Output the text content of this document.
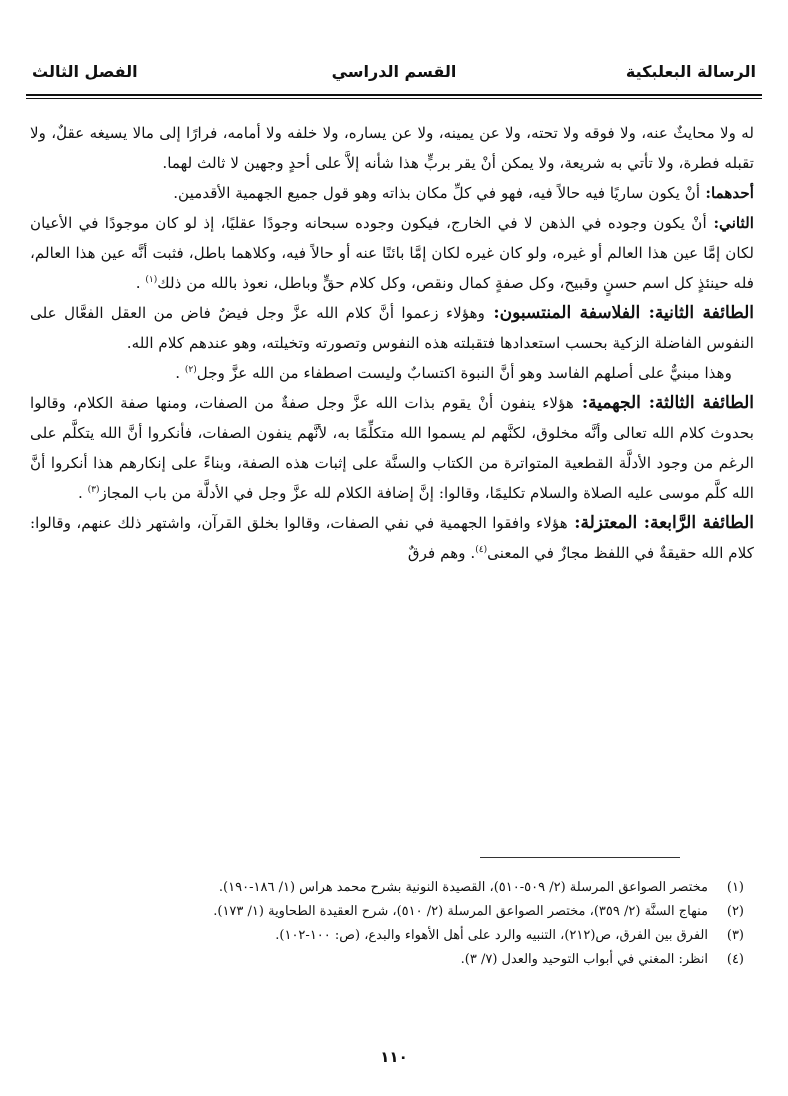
الرسالة البعلبكية
القسم الدراسي
الفصل الثالث

له ولا محايثٌ عنه، ولا فوقه ولا تحته، ولا عن يمينه، ولا عن يساره، ولا خلفه ولا أمامه، فرارًا إلى مالا يسيغه عقلٌ، ولا تقبله فطرة، ولا تأتي به شريعة، ولا يمكن أنْ يقر بربٍّ هذا شأنه إلاَّ على أحدٍ وجهين لا ثالث لهما.

أحدهما: أنْ يكون ساريًا فيه حالاً فيه، فهو في كلِّ مكان بذاته وهو قول جميع الجهمية الأقدمين.

الثاني: أنْ يكون وجوده في الذهن لا في الخارج، فيكون وجوده سبحانه وجودًا عقليًا، إذ لو كان موجودًا في الأعيان لكان إمَّا عين هذا العالم أو غيره، ولو كان غيره لكان إمَّا بائنًا عنه أو حالاً فيه، وكلاهما باطل، فثبت أنَّه عين هذا العالم، فله حينئذٍ كل اسم حسنٍ وقبيح، وكل صفةٍ كمال ونقص، وكل كلام حقٍّ وباطل، نعوذ بالله من ذلك$^{(١)}$ .

الطائفة الثانية: الفلاسفة المنتسبون: وهؤلاء زعموا أنَّ كلام الله عزَّ وجل فيضٌ فاض من العقل الفعَّال على النفوس الفاضلة الزكية بحسب استعدادها فتقبلته هذه النفوس وتصورته وتخيلته، وهو عندهم كلام الله.

وهذا مبنيٌّ على أصلهم الفاسد وهو أنَّ النبوة اكتسابٌ وليست اصطفاء من الله عزَّ وجل$^{(٢)}$ .

الطائفة الثالثة: الجهمية: هؤلاء ينفون أنْ يقوم بذات الله عزَّ وجل صفةٌ من الصفات، ومنها صفة الكلام، وقالوا بحدوث كلام الله تعالى وأنَّه مخلوق، لكنَّهم لم يسموا الله متكلِّمًا به، لأنَّهم ينفون الصفات، فأنكروا أنَّ الله يتكلَّم على الرغم من وجود الأدلَّة القطعية المتواترة من الكتاب والسنَّة على إثبات هذه الصفة، وبناءً على إنكارهم هذا أنكروا أنَّ الله كلَّم موسى عليه الصلاة والسلام تكليمًا، وقالوا: إنَّ إضافة الكلام لله عزَّ وجل في الأدلَّة من باب المجاز$^{(٣)}$ .

الطائفة الرَّابعة: المعتزلة: هؤلاء وافقوا الجهمية في نفي الصفات، وقالوا بخلق القرآن، واشتهر ذلك عنهم، وقالوا: كلام الله حقيقةٌ في اللفظ مجازٌ في المعنى$^{(٤)}$. وهم فرقٌ

(١)
مختصر الصواعق المرسلة (٢/ ٥٠٩-٥١٠)، القصيدة النونية بشرح محمد هراس (١/ ١٨٦-١٩٠).
(٢)
منهاج السنَّة (٢/ ٣٥٩)، مختصر الصواعق المرسلة (٢/ ٥١٠)، شرح العقيدة الطحاوية (١/ ١٧٣).
(٣)
الفرق بين الفرق، ص(٢١٢)، التنبيه والرد على أهل الأهواء والبدع، (ص: ١٠٠-١٠٢).
(٤)
انظر: المغني في أبواب التوحيد والعدل (٧/ ٣).
١١٠
